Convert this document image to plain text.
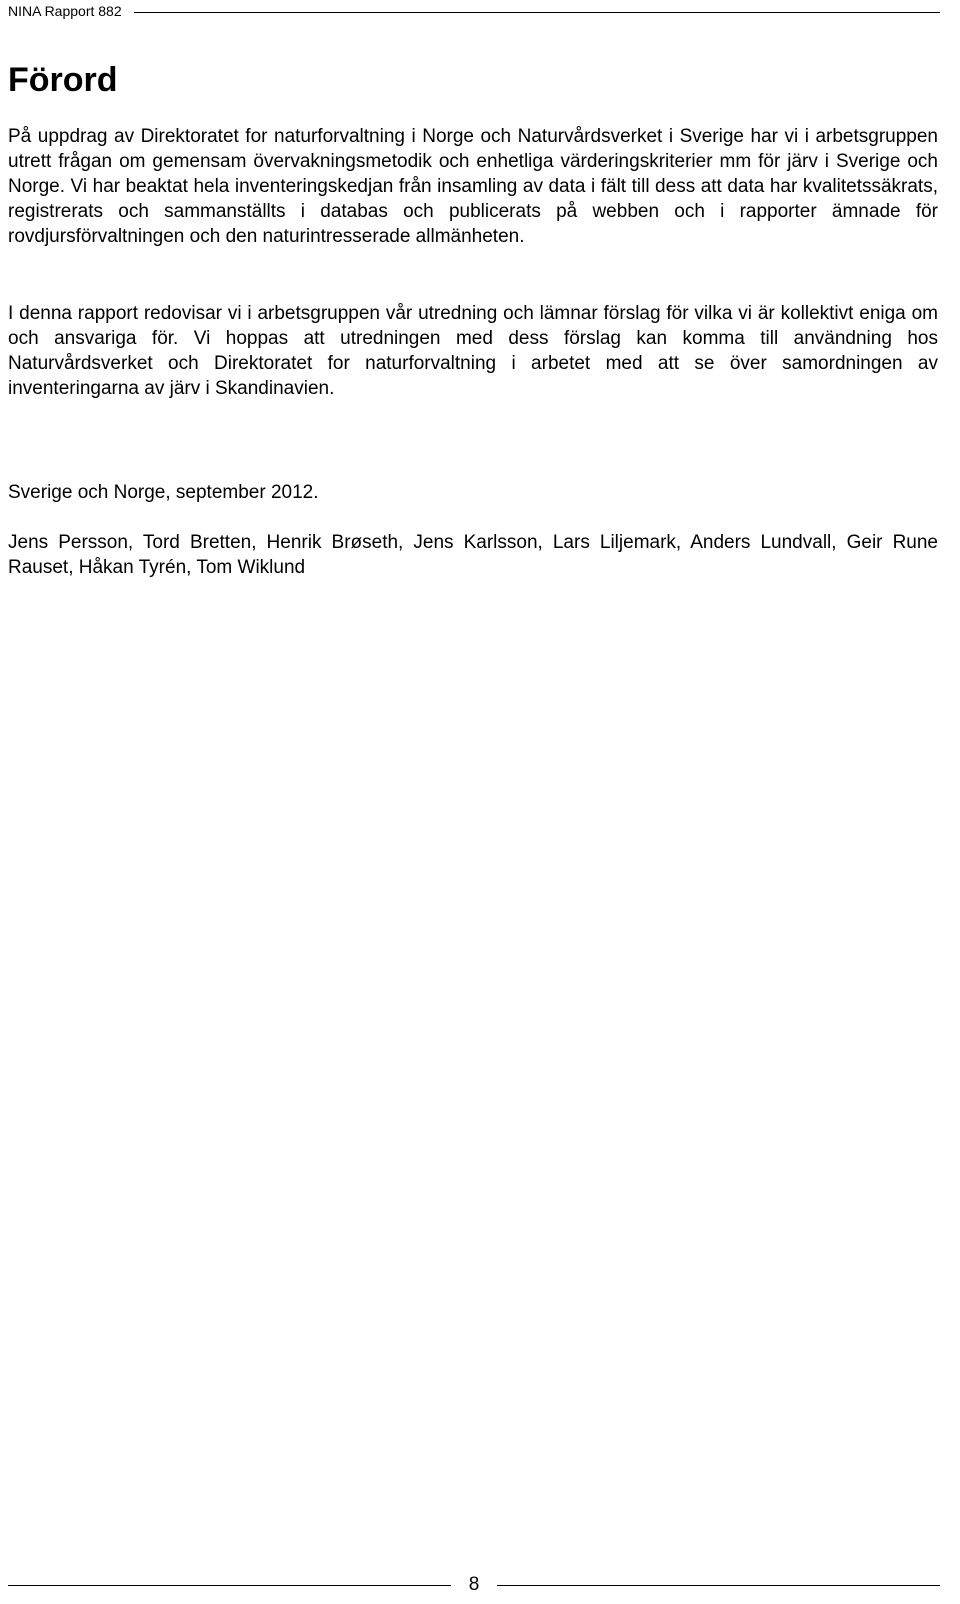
NINA Rapport 882
Förord

På uppdrag av Direktoratet for naturforvaltning i Norge och Naturvårdsverket i Sverige har vi i arbetsgruppen utrett frågan om gemensam övervakningsmetodik och enhetliga värderingskriterier mm för järv i Sverige och Norge. Vi har beaktat hela inventeringskedjan från insamling av data i fält till dess att data har kvalitetssäkrats, registrerats och sammanställts i databas och publicerats på webben och i rapporter ämnade för rovdjursförvaltningen och den naturintresserade allmänheten.

I denna rapport redovisar vi i arbetsgruppen vår utredning och lämnar förslag för vilka vi är kollektivt eniga om och ansvariga för. Vi hoppas att utredningen med dess förslag kan komma till användning hos Naturvårdsverket och Direktoratet for naturforvaltning i arbetet med att se över samordningen av inventeringarna av järv i Skandinavien.

Sverige och Norge, september 2012.

Jens Persson, Tord Bretten, Henrik Brøseth, Jens Karlsson, Lars Liljemark, Anders Lundvall, Geir Rune Rauset, Håkan Tyrén, Tom Wiklund

8
